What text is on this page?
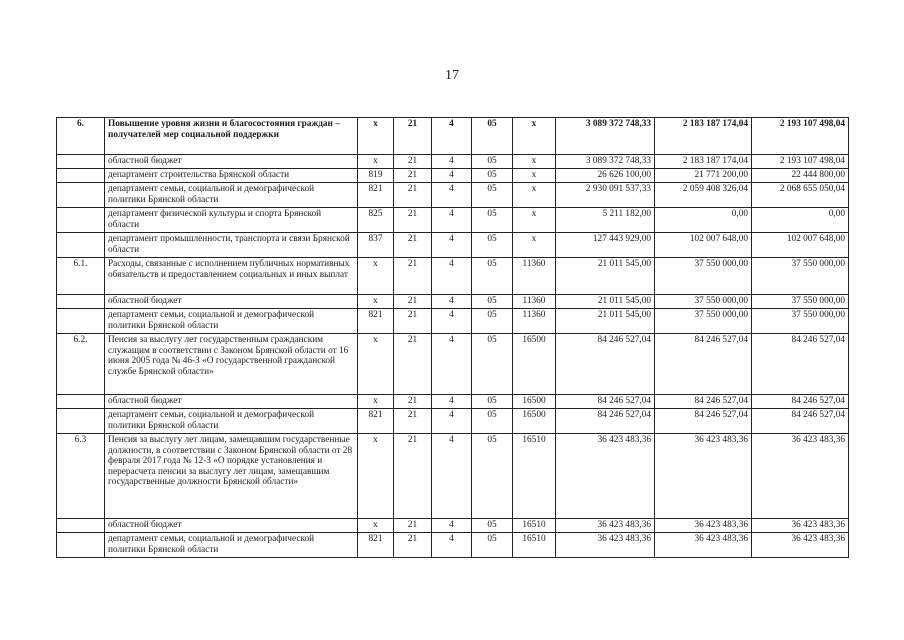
17
6.	Повышение уровня жизни и благосостояния граждан – получателей мер социальной поддержки	х	21	4	05	х	3 089 372 748,33	2 183 187 174,04	2 193 107 498,04
	областной бюджет	х	21	4	05	х	3 089 372 748,33	2 183 187 174,04	2 193 107 498,04
	департамент строительства Брянской области	819	21	4	05	х	26 626 100,00	21 771 200,00	22 444 800,00
	департамент семьи, социальной и демографической политики Брянской области	821	21	4	05	х	2 930 091 537,33	2 059 408 326,04	2 068 655 050,04
	департамент физической культуры и спорта Брянской области	825	21	4	05	х	5 211 182,00	0,00	0,00
	департамент промышленности, транспорта и связи Брянской области	837	21	4	05	х	127 443 929,00	102 007 648,00	102 007 648,00
6.1.	Расходы, связанные с исполнением публичных нормативных обязательств и предоставлением социальных и иных выплат	х	21	4	05	11360	21 011 545,00	37 550 000,00	37 550 000,00
	областной бюджет	х	21	4	05	11360	21 011 545,00	37 550 000,00	37 550 000,00
	департамент семьи, социальной и демографической политики Брянской области	821	21	4	05	11360	21 011 545,00	37 550 000,00	37 550 000,00
6.2.	Пенсия за выслугу лет государственным гражданским служащим в соответствии с Законом Брянской области от 16 июня 2005 года № 46-З «О государственной гражданской службе Брянской области»	х	21	4	05	16500	84 246 527,04	84 246 527,04	84 246 527,04
	областной бюджет	х	21	4	05	16500	84 246 527,04	84 246 527,04	84 246 527,04
	департамент семьи, социальной и демографической политики Брянской области	821	21	4	05	16500	84 246 527,04	84 246 527,04	84 246 527,04
6.3	Пенсия за выслугу лет лицам, замещавшим государственные должности, в соответствии с Законом Брянской области от 28 февраля 2017 года № 12-З «О порядке установления и перерасчета пенсии за выслугу лет лицам, замещавшим государственные должности Брянской области»	х	21	4	05	16510	36 423 483,36	36 423 483,36	36 423 483,36
	областной бюджет	х	21	4	05	16510	36 423 483,36	36 423 483,36	36 423 483,36
	департамент семьи, социальной и демографической политики Брянской области	821	21	4	05	16510	36 423 483,36	36 423 483,36	36 423 483,36
